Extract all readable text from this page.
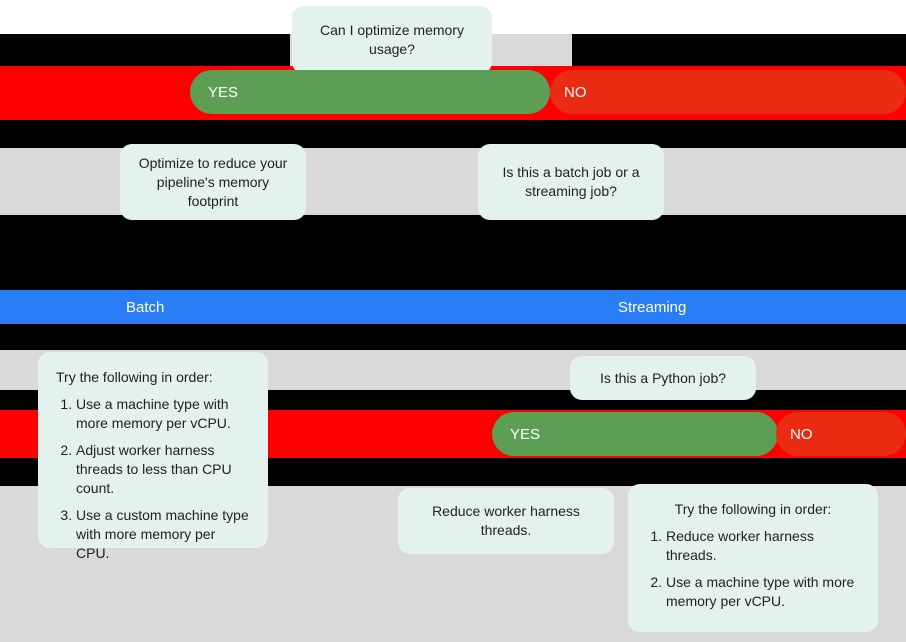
Can I optimize memory usage?
YES	NO
Optimize to reduce your pipeline's memory footprint
Is this a batch job or a streaming job?
Batch	Streaming
Try the following in order:
1. Use a machine type with more memory per vCPU.
2. Adjust worker harness threads to less than CPU count.
3. Use a custom machine type with more memory per CPU.
Is this a Python job?
YES	NO
Reduce worker harness threads.
Try the following in order:
1. Reduce worker harness threads.
2. Use a machine type with more memory per vCPU.
